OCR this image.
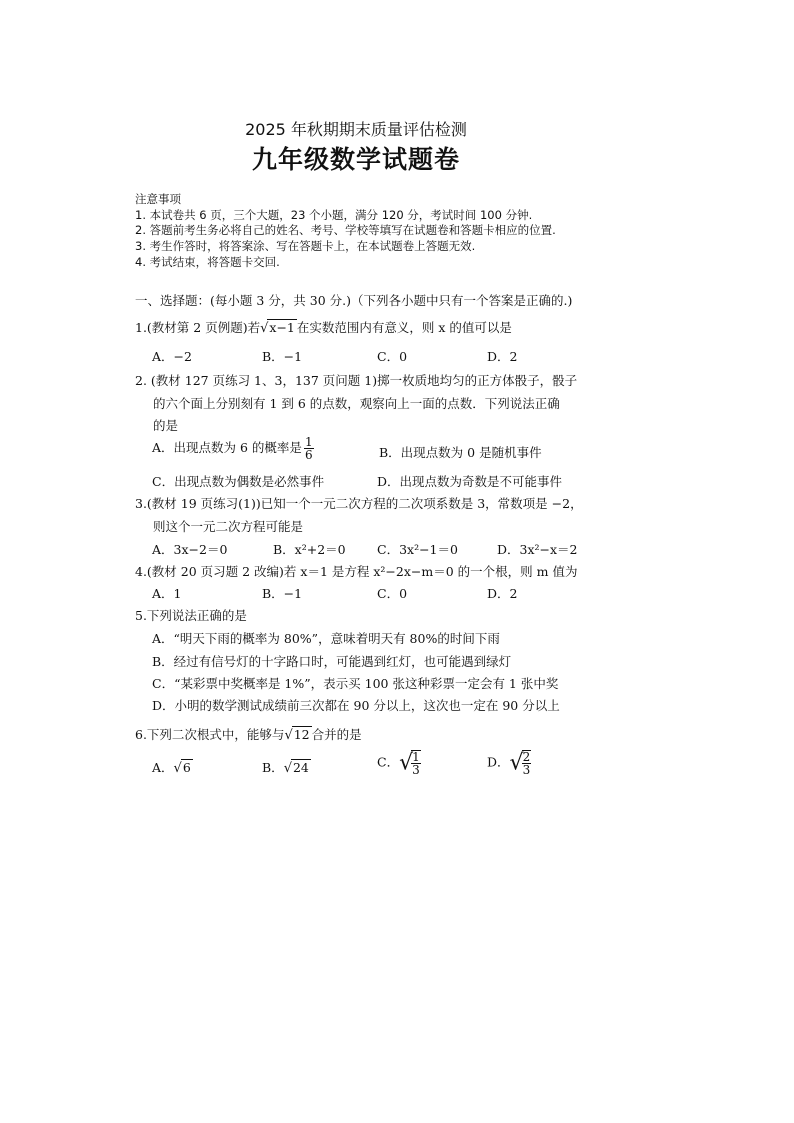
2025 年秋期期末质量评估检测
九年级数学试题卷
注意事项
1. 本试卷共 6 页，三个大题，23 个小题，满分 120 分，考试时间 100 分钟.
2. 答题前考生务必将自己的姓名、考号、学校等填写在试题卷和答题卡相应的位置.
3. 考生作答时，将答案涂、写在答题卡上，在本试题卷上答题无效.
4. 考试结束，将答题卡交回.
一、选择题：(每小题 3 分，共 30 分.)（下列各小题中只有一个答案是正确的.)
1.(教材第 2 页例题)若√x−1 在实数范围内有意义，则 x 的值可以是
A．−2	B．−1	C．0	D．2
2. (教材 127 页练习 1、3，137 页问题 1)掷一枚质地均匀的正方体骰子，骰子
的六个面上分别刻有 1 到 6 的点数，观察向上一面的点数．下列说法正确
的是
A．出现点数为 6 的概率是 $\frac{1}{6}$	B．出现点数为 0 是随机事件
C．出现点数为偶数是必然事件	D．出现点数为奇数是不可能事件
3.(教材 19 页练习(1))已知一个一元二次方程的二次项系数是 3，常数项是 −2，
则这个一元二次方程可能是
A．3x−2＝0	B．x²+2＝0	C．3x²−1＝0	D．3x²−x＝2
4.(教材 20 页习题 2 改编)若 x＝1 是方程 x²−2x−m＝0 的一个根，则 m 值为
A．1	B．−1	C．0	D．2
5.下列说法正确的是
A．“明天下雨的概率为 80%”，意味着明天有 80%的时间下雨
B．经过有信号灯的十字路口时，可能遇到红灯，也可能遇到绿灯
C．“某彩票中奖概率是 1%”，表示买 100 张这种彩票一定会有 1 张中奖
D．小明的数学测试成绩前三次都在 90 分以上，这次也一定在 90 分以上
6.下列二次根式中，能够与√12 合并的是
A．√6	B．√24	C．√
$\frac{1}{3}$	D．√
$\frac{2}{3}$
